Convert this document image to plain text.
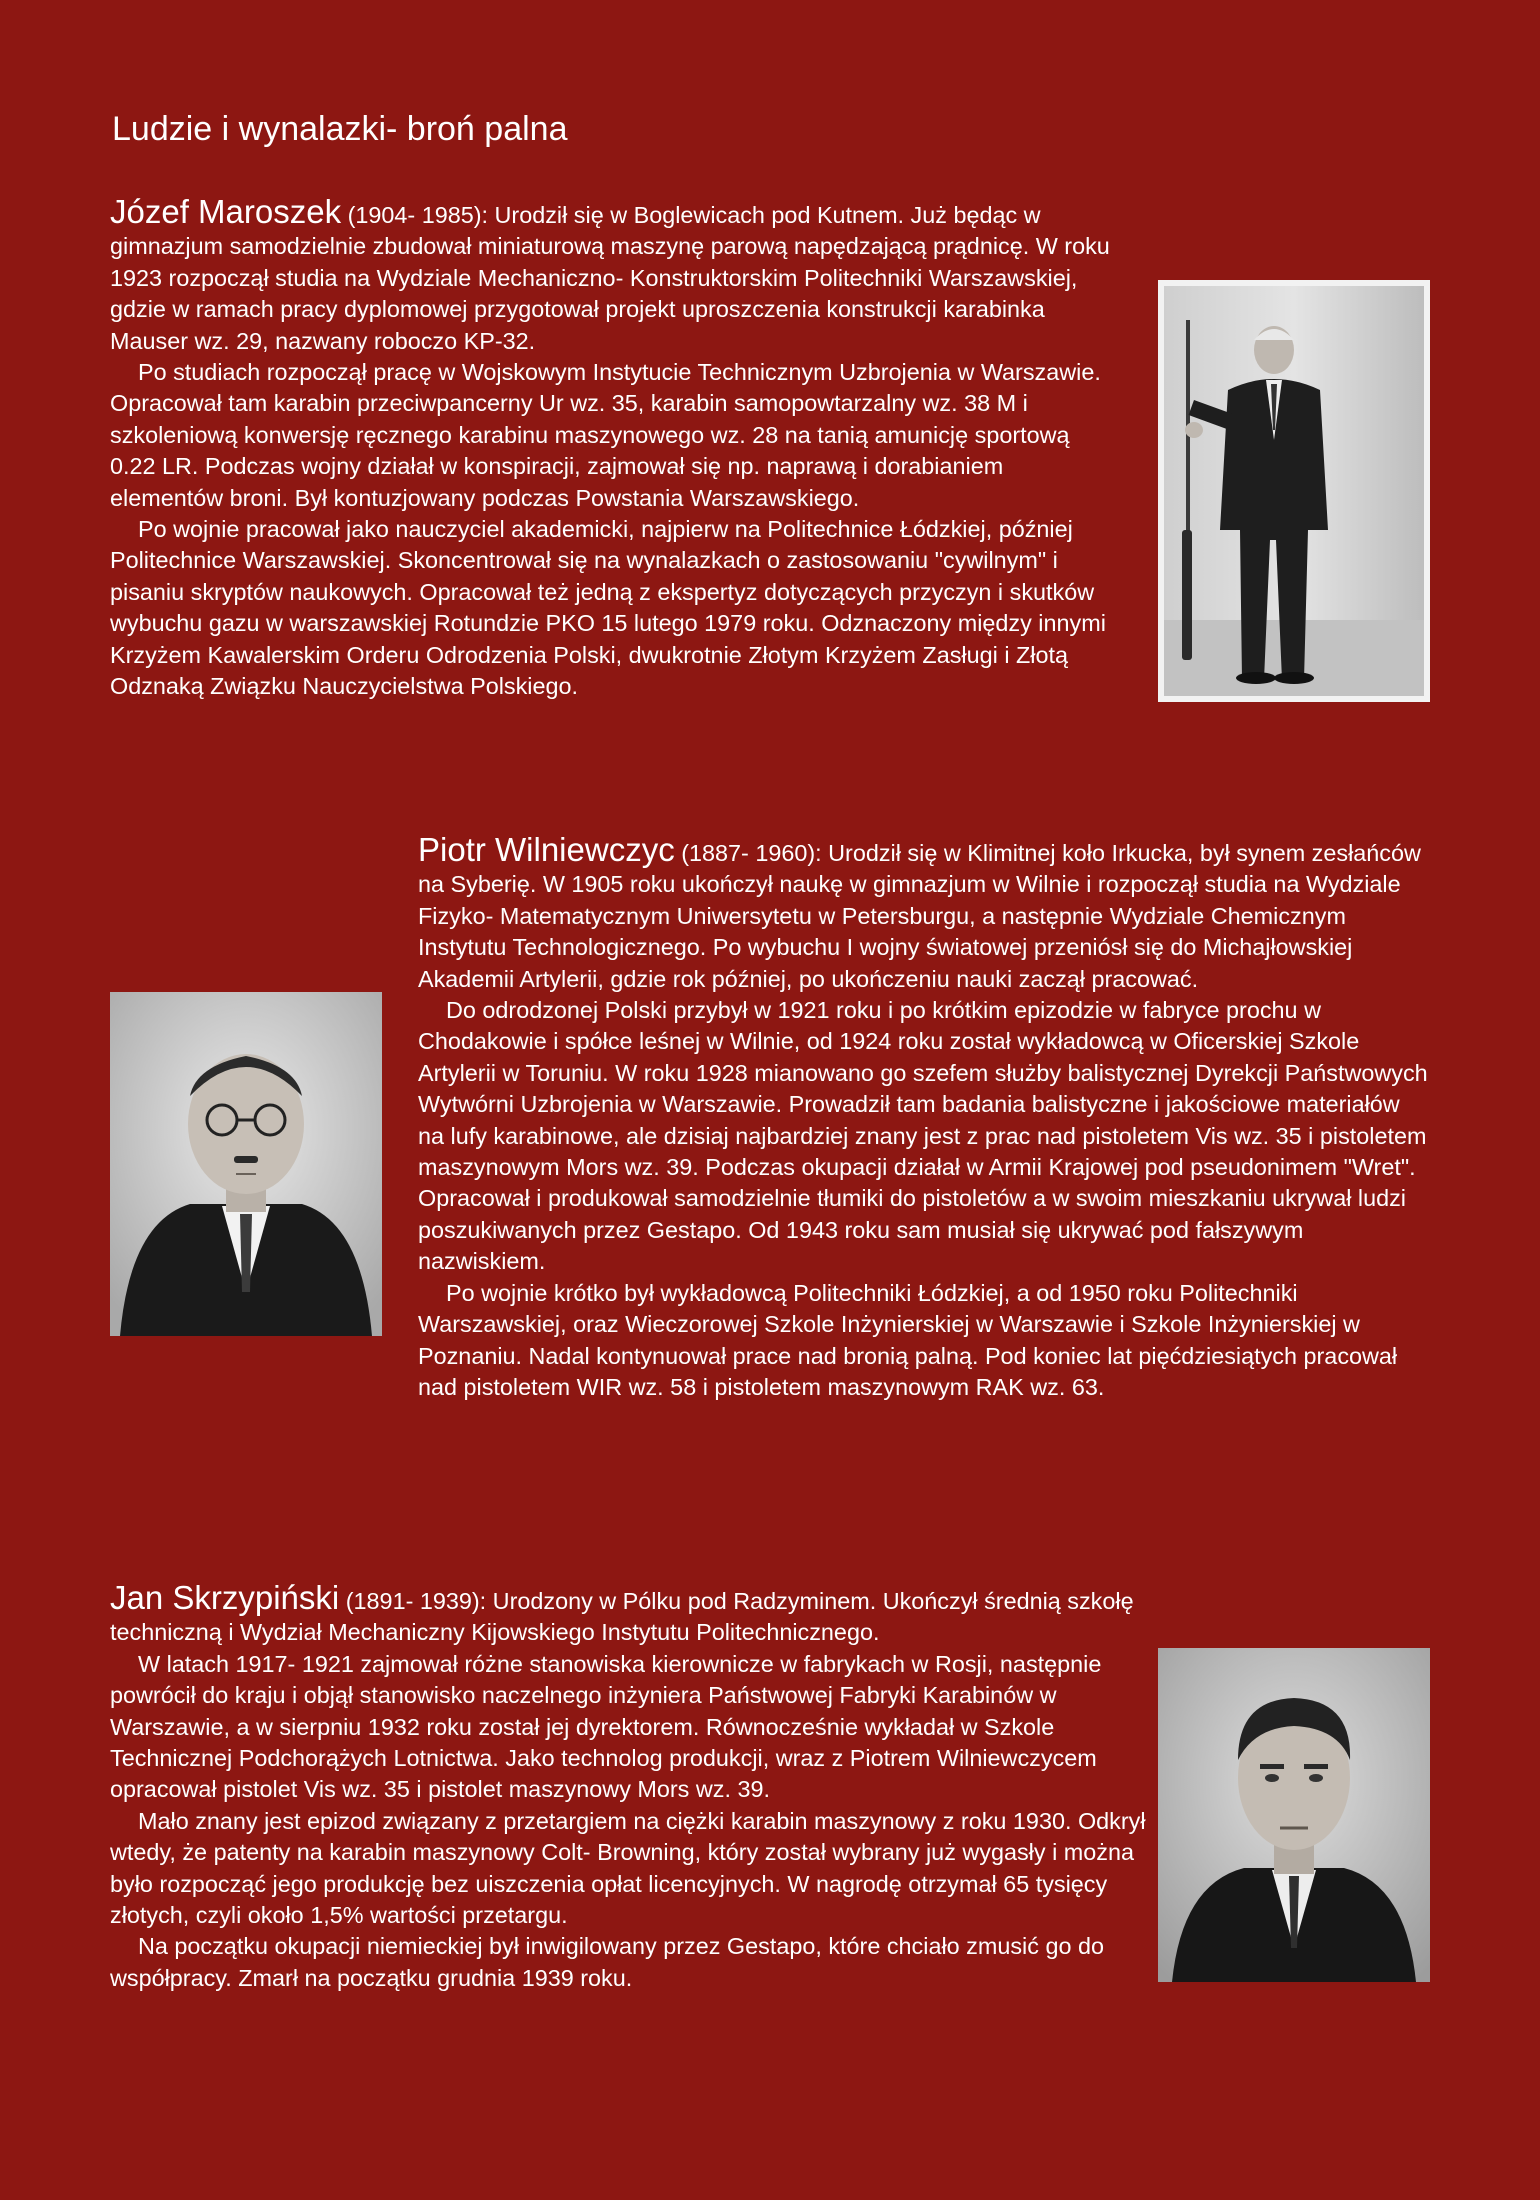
Ludzie i wynalazki- broń palna

Józef Maroszek (1904- 1985): Urodził się w Boglewicach pod Kutnem. Już będąc w gimnazjum samodzielnie zbudował miniaturową maszynę parową napędzającą prądnicę. W roku 1923 rozpoczął studia na Wydziale Mechaniczno- Konstruktorskim Politechniki Warszawskiej, gdzie w ramach pracy dyplomowej przygotował projekt uproszczenia konstrukcji karabinka Mauser wz. 29, nazwany roboczo KP-32.

Po studiach rozpoczął pracę w Wojskowym Instytucie Technicznym Uzbrojenia w Warszawie. Opracował tam karabin przeciwpancerny Ur wz. 35, karabin samopowtarzalny wz. 38 M i szkoleniową konwersję ręcznego karabinu maszynowego wz. 28 na tanią amunicję sportową 0.22 LR. Podczas wojny działał w konspiracji, zajmował się np. naprawą i dorabianiem elementów broni. Był kontuzjowany podczas Powstania Warszawskiego.

Po wojnie pracował jako nauczyciel akademicki, najpierw na Politechnice Łódzkiej, później Politechnice Warszawskiej. Skoncentrował się na wynalazkach o zastosowaniu "cywilnym" i pisaniu skryptów naukowych. Opracował też jedną z ekspertyz dotyczących przyczyn i skutków wybuchu gazu w warszawskiej Rotundzie PKO 15 lutego 1979 roku. Odznaczony między innymi Krzyżem Kawalerskim Orderu Odrodzenia Polski, dwukrotnie Złotym Krzyżem Zasługi i Złotą Odznaką Związku Nauczycielstwa Polskiego.

Piotr Wilniewczyc (1887- 1960): Urodził się w Klimitnej koło Irkucka, był synem zesłańców na Syberię. W 1905 roku ukończył naukę w gimnazjum w Wilnie i rozpoczął studia na Wydziale Fizyko- Matematycznym Uniwersytetu w Petersburgu, a następnie Wydziale Chemicznym Instytutu Technologicznego. Po wybuchu I wojny światowej przeniósł się do Michajłowskiej Akademii Artylerii, gdzie rok później, po ukończeniu nauki zaczął pracować.

Do odrodzonej Polski przybył w 1921 roku i po krótkim epizodzie w fabryce prochu w Chodakowie i spółce leśnej w Wilnie, od 1924 roku został wykładowcą w Oficerskiej Szkole Artylerii w Toruniu. W roku 1928 mianowano go szefem służby balistycznej Dyrekcji Państwowych Wytwórni Uzbrojenia w Warszawie. Prowadził tam badania balistyczne i jakościowe materiałów na lufy karabinowe, ale dzisiaj najbardziej znany jest z prac nad pistoletem Vis wz. 35 i pistoletem maszynowym Mors wz. 39. Podczas okupacji działał w Armii Krajowej pod pseudonimem "Wret". Opracował i produkował samodzielnie tłumiki do pistoletów a w swoim mieszkaniu ukrywał ludzi poszukiwanych przez Gestapo. Od 1943 roku sam musiał się ukrywać pod fałszywym nazwiskiem.

Po wojnie krótko był wykładowcą Politechniki Łódzkiej, a od 1950 roku Politechniki Warszawskiej, oraz Wieczorowej Szkole Inżynierskiej w Warszawie i Szkole Inżynierskiej w Poznaniu. Nadal kontynuował prace nad bronią palną. Pod koniec lat pięćdziesiątych pracował nad pistoletem WIR wz. 58 i pistoletem maszynowym RAK wz. 63.

Jan Skrzypiński (1891- 1939): Urodzony w Pólku pod Radzyminem. Ukończył średnią szkołę techniczną i Wydział Mechaniczny Kijowskiego Instytutu Politechnicznego.

W latach 1917- 1921 zajmował różne stanowiska kierownicze w fabrykach w Rosji, następnie powrócił do kraju i objął stanowisko naczelnego inżyniera Państwowej Fabryki Karabinów w Warszawie, a w sierpniu 1932 roku został jej dyrektorem. Równocześnie wykładał w Szkole Technicznej Podchorążych Lotnictwa. Jako technolog produkcji, wraz z Piotrem Wilniewczycem opracował pistolet Vis wz. 35 i pistolet maszynowy Mors wz. 39.

Mało znany jest epizod związany z przetargiem na ciężki karabin maszynowy z roku 1930. Odkrył wtedy, że patenty na karabin maszynowy Colt- Browning, który został wybrany już wygasły i można było rozpocząć jego produkcję bez uiszczenia opłat licencyjnych. W nagrodę otrzymał 65 tysięcy złotych, czyli około 1,5% wartości przetargu.

Na początku okupacji niemieckiej był inwigilowany przez Gestapo, które chciało zmusić go do współpracy. Zmarł na początku grudnia 1939 roku.
